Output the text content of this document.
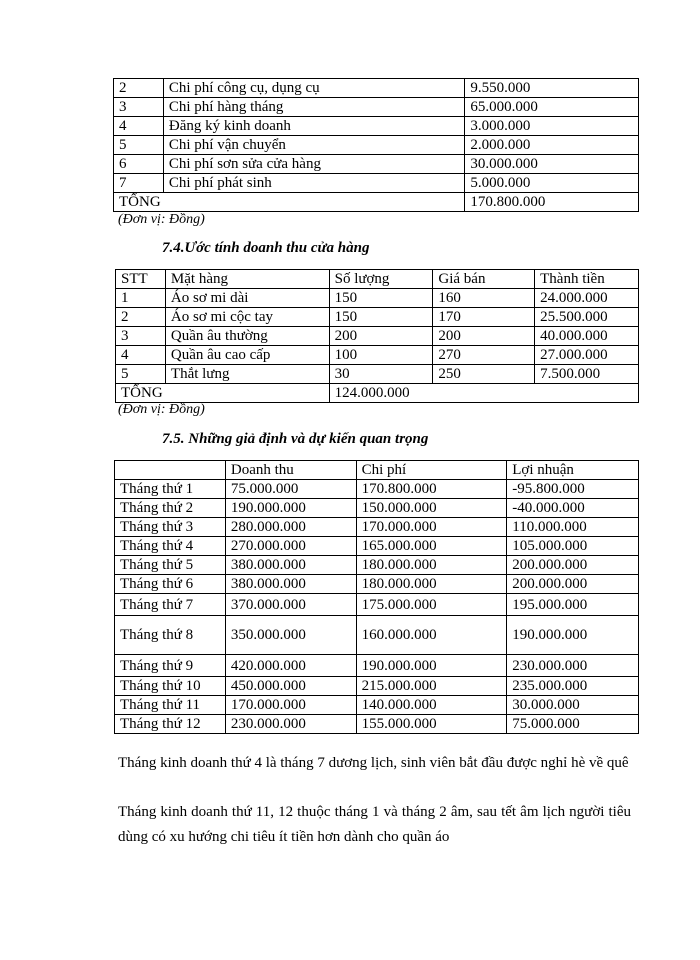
2	Chi phí công cụ, dụng cụ	9.550.000
3	Chi phí hàng tháng	65.000.000
4	Đăng ký kinh doanh	3.000.000
5	Chi phí vận chuyển	2.000.000
6	Chi phí sơn sửa cửa hàng	30.000.000
7	Chi phí phát sinh	5.000.000
TỔNG		170.800.000
(Đơn vị: Đồng)
7.4.Ước tính doanh thu cửa hàng
STT	Mặt hàng	Số lượng	Giá bán	Thành tiền
1	Áo sơ mi dài	150	160	24.000.000
2	Áo sơ mi cộc tay	150	170	25.500.000
3	Quần âu thường	200	200	40.000.000
4	Quần âu cao cấp	100	270	27.000.000
5	Thắt lưng	30	250	7.500.000
TỔNG		124.000.000		
(Đơn vị: Đồng)
7.5. Những giả định và dự kiến quan trọng
	Doanh thu	Chi phí	Lợi nhuận
Tháng thứ 1	75.000.000	170.800.000	-95.800.000
Tháng thứ 2	190.000.000	150.000.000	-40.000.000
Tháng thứ 3	280.000.000	170.000.000	110.000.000
Tháng thứ 4	270.000.000	165.000.000	105.000.000
Tháng thứ 5	380.000.000	180.000.000	200.000.000
Tháng thứ 6	380.000.000	180.000.000	200.000.000
Tháng thứ 7	370.000.000	175.000.000	195.000.000
Tháng thứ 8	350.000.000	160.000.000	190.000.000
Tháng thứ 9	420.000.000	190.000.000	230.000.000
Tháng thứ 10	450.000.000	215.000.000	235.000.000
Tháng thứ 11	170.000.000	140.000.000	30.000.000
Tháng thứ 12	230.000.000	155.000.000	75.000.000

Tháng kinh doanh thứ 4 là tháng 7 dương lịch, sinh viên bắt đầu được nghỉ hè về quê

Tháng kinh doanh thứ 11, 12 thuộc tháng 1 và tháng 2 âm, sau tết âm lịch người tiêu dùng có xu hướng chi tiêu ít tiền hơn dành cho quần áo
